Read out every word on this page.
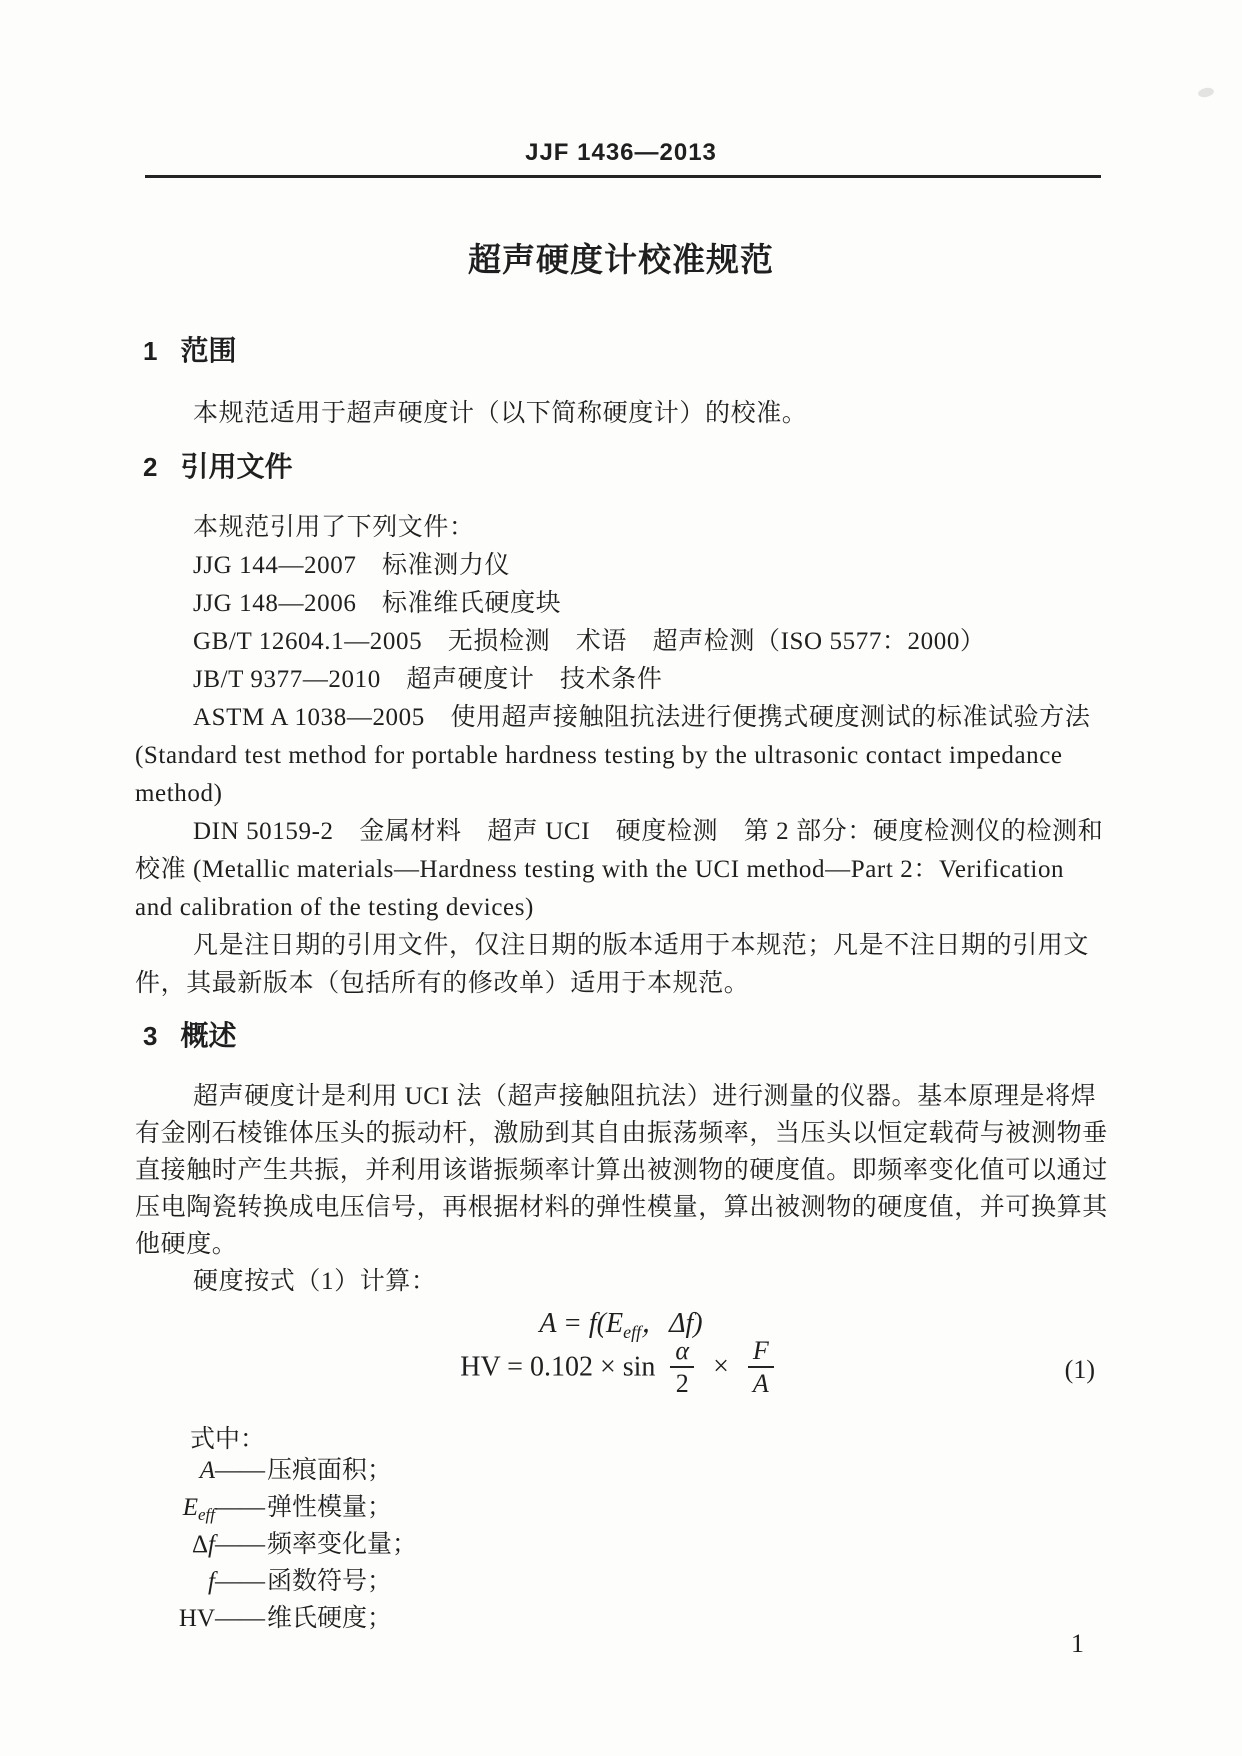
JJF 1436—2013
超声硬度计校准规范
1 范围
本规范适用于超声硬度计（以下简称硬度计）的校准。
2 引用文件
本规范引用了下列文件：
JJG 144—2007　标准测力仪
JJG 148—2006　标准维氏硬度块
GB/T 12604.1—2005　无损检测　术语　超声检测（ISO 5577：2000）
JB/T 9377—2010　超声硬度计　技术条件
ASTM A 1038—2005　使用超声接触阻抗法进行便携式硬度测试的标准试验方法
(Standard test method for portable hardness testing by the ultrasonic contact impedance
method)
DIN 50159-2　金属材料　超声 UCI　硬度检测　第 2 部分：硬度检测仪的检测和
校准 (Metallic materials—Hardness testing with the UCI method—Part 2：Verification
and calibration of the testing devices)
凡是注日期的引用文件，仅注日期的版本适用于本规范；凡是不注日期的引用文
件，其最新版本（包括所有的修改单）适用于本规范。
3 概述
超声硬度计是利用 UCI 法（超声接触阻抗法）进行测量的仪器。基本原理是将焊
有金刚石棱锥体压头的振动杆，激励到其自由振荡频率，当压头以恒定载荷与被测物垂
直接触时产生共振，并利用该谐振频率计算出被测物的硬度值。即频率变化值可以通过
压电陶瓷转换成电压信号，再根据材料的弹性模量，算出被测物的硬度值，并可换算其
他硬度。
硬度按式（1）计算：
$A = f(E_{eff}$，Δf)
HV = $0.102 \times \sin \frac{\alpha}{2} \times \frac{F}{A}$	(1)
式中：
A——压痕面积；
$E_{eff}——$弹性模量；
Δf——频率变化量；
f——函数符号；
HV——维氏硬度；
1
